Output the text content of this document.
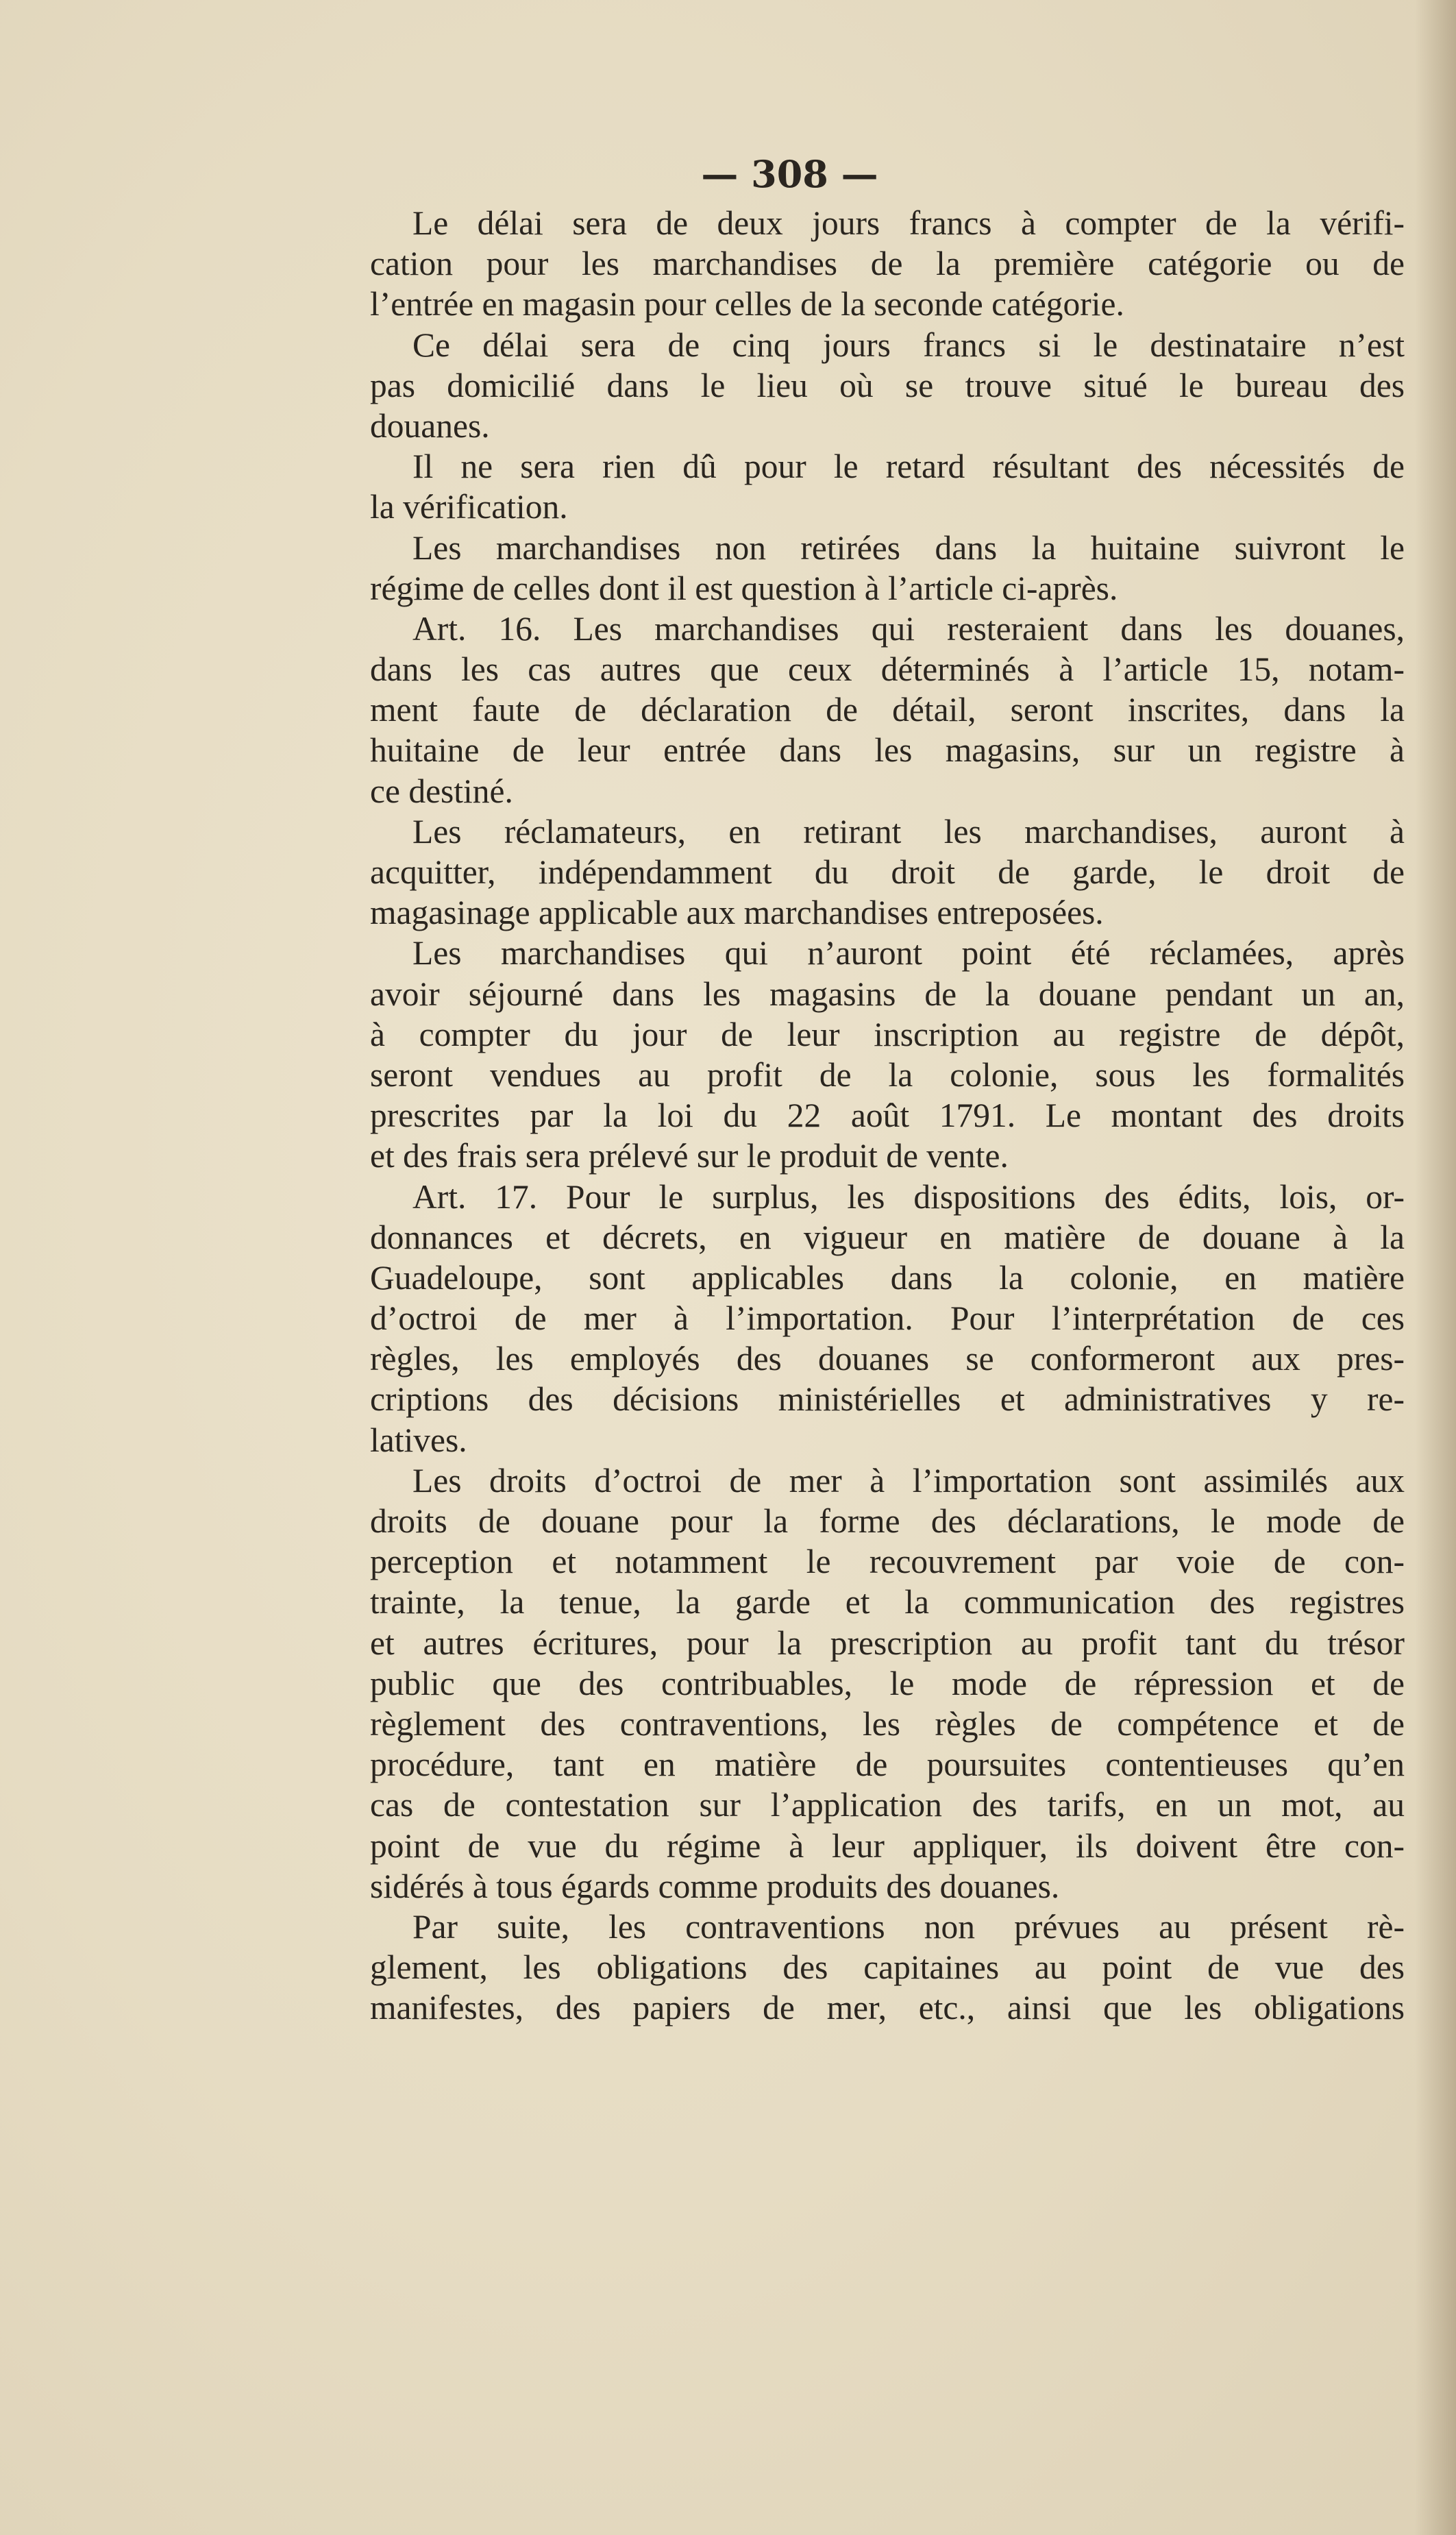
— 308 —
Le délai sera de deux jours francs à compter de la vérifi-
cation pour les marchandises de la première catégorie ou de
l’entrée en magasin pour celles de la seconde catégorie.
Ce délai sera de cinq jours francs si le destinataire n’est
pas domicilié dans le lieu où se trouve situé le bureau des
douanes.
Il ne sera rien dû pour le retard résultant des nécessités de
la vérification.
Les marchandises non retirées dans la huitaine suivront le
régime de celles dont il est question à l’article ci-après.
Art. 16. Les marchandises qui resteraient dans les douanes,
dans les cas autres que ceux déterminés à l’article 15, notam-
ment faute de déclaration de détail, seront inscrites, dans la
huitaine de leur entrée dans les magasins, sur un registre à
ce destiné.
Les réclamateurs, en retirant les marchandises, auront à
acquitter, indépendamment du droit de garde, le droit de
magasinage applicable aux marchandises entreposées.
Les marchandises qui n’auront point été réclamées, après
avoir séjourné dans les magasins de la douane pendant un an,
à compter du jour de leur inscription au registre de dépôt,
seront vendues au profit de la colonie, sous les formalités
prescrites par la loi du 22 août 1791. Le montant des droits
et des frais sera prélevé sur le produit de vente.
Art. 17. Pour le surplus, les dispositions des édits, lois, or-
donnances et décrets, en vigueur en matière de douane à la
Guadeloupe, sont applicables dans la colonie, en matière
d’octroi de mer à l’importation. Pour l’interprétation de ces
règles, les employés des douanes se conformeront aux pres-
criptions des décisions ministérielles et administratives y re-
latives.
Les droits d’octroi de mer à l’importation sont assimilés aux
droits de douane pour la forme des déclarations, le mode de
perception et notamment le recouvrement par voie de con-
trainte, la tenue, la garde et la communication des registres
et autres écritures, pour la prescription au profit tant du trésor
public que des contribuables, le mode de répression et de
règlement des contraventions, les règles de compétence et de
procédure, tant en matière de poursuites contentieuses qu’en
cas de contestation sur l’application des tarifs, en un mot, au
point de vue du régime à leur appliquer, ils doivent être con-
sidérés à tous égards comme produits des douanes.
Par suite, les contraventions non prévues au présent rè-
glement, les obligations des capitaines au point de vue des
manifestes, des papiers de mer, etc., ainsi que les obligations
